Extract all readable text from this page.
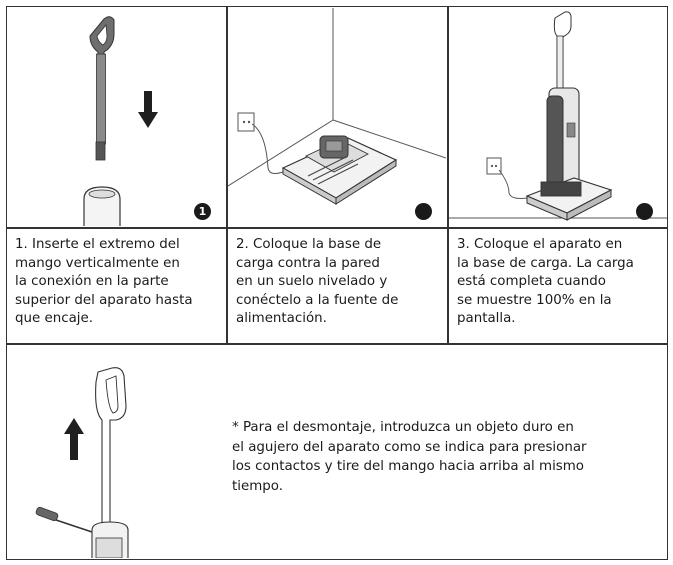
1
1. Inserte el extremo del
mango verticalmente en
la conexión en la parte
superior del aparato hasta
que encaje.
2. Coloque la base de
carga contra la pared
en un suelo nivelado y
conéctelo a la fuente de
alimentación.
3. Coloque el aparato en
la base de carga. La carga
está completa cuando
se muestre 100% en la
pantalla.
* Para el desmontaje, introduzca un objeto duro en
el agujero del aparato como se indica para presionar
los contactos y tire del mango hacia arriba al mismo
tiempo.
